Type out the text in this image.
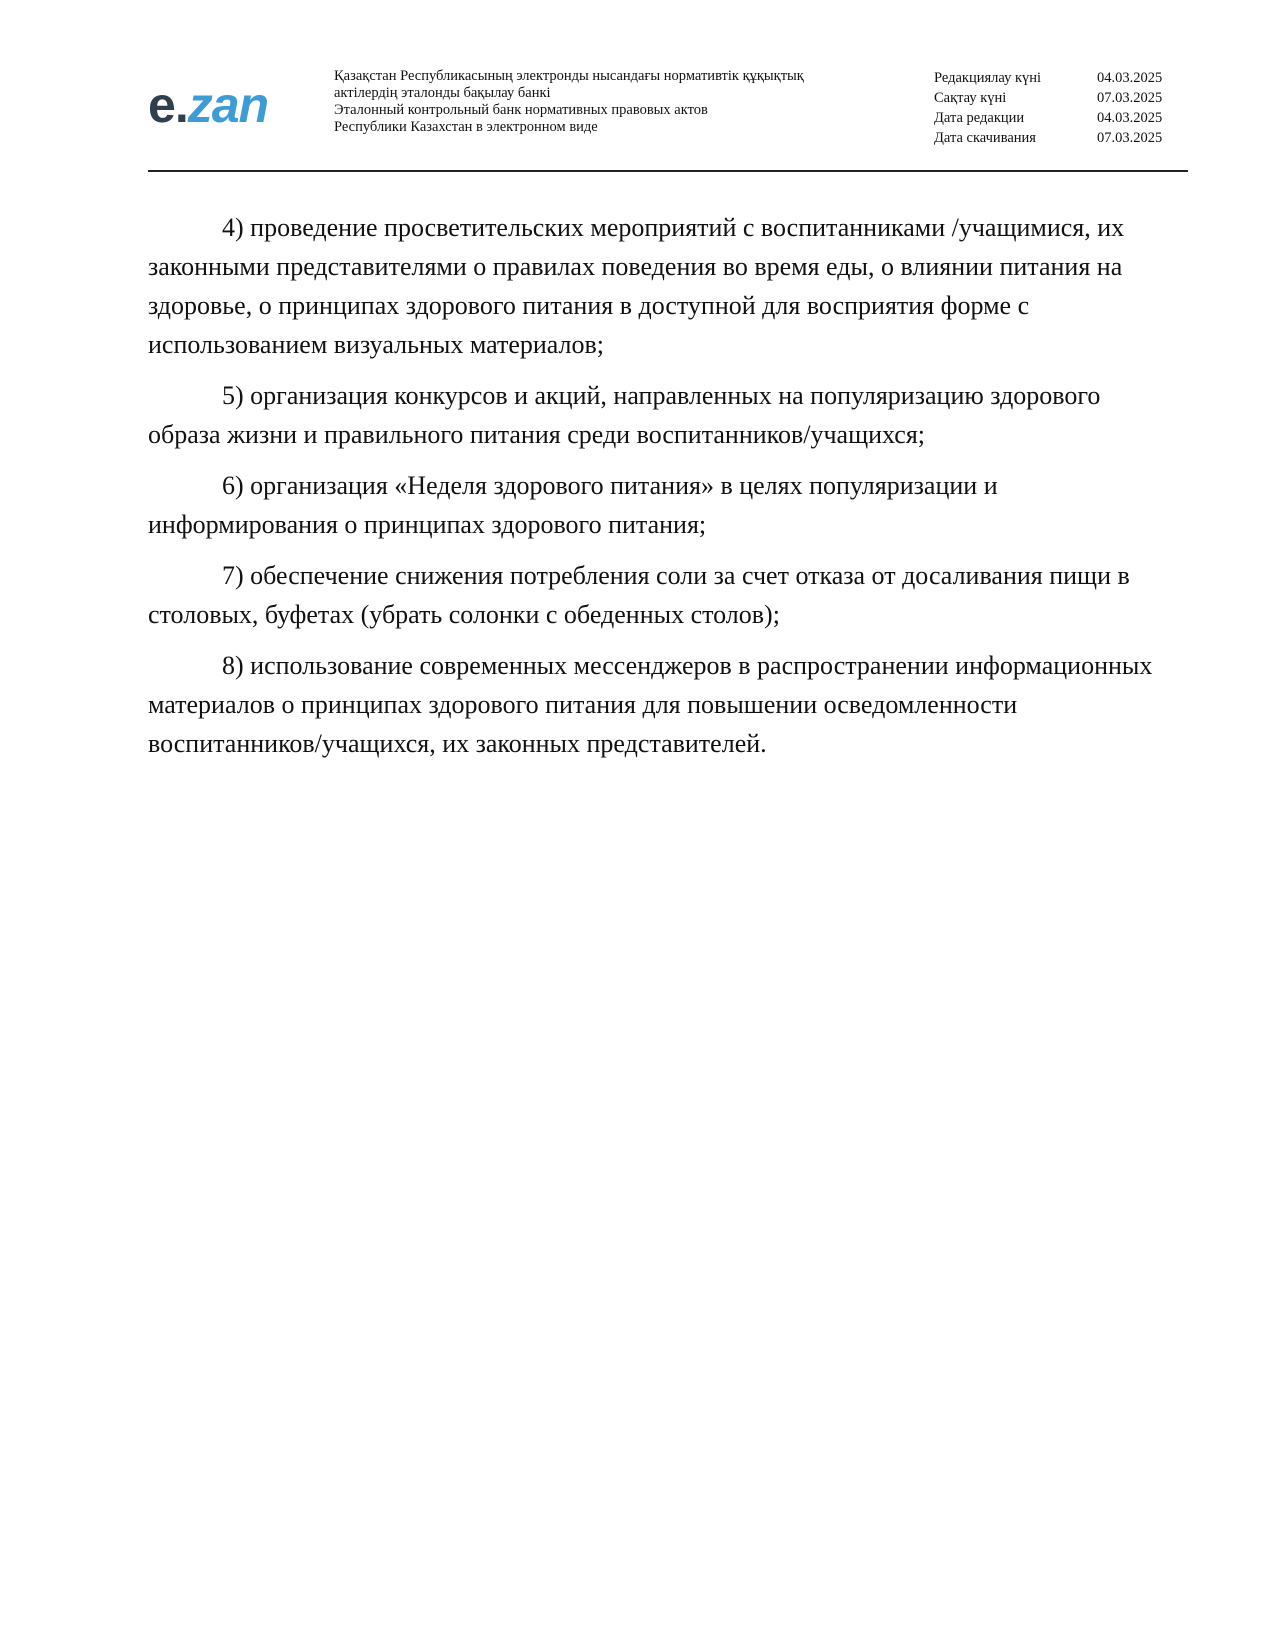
e.zan
Қазақстан Республикасының электронды нысандағы нормативтік құқықтық
актілердің эталонды бақылау банкі
Эталонный контрольный банк нормативных правовых актов
Республики Казахстан в электронном виде
Редакциялау күні	04.03.2025
Сақтау күні	07.03.2025
Дата редакции	04.03.2025
Дата скачивания	07.03.2025

4) проведение просветительских мероприятий с воспитанниками /учащимися, их законными представителями о правилах поведения во время еды, о влиянии питания на здоровье, о принципах здорового питания в доступной для восприятия форме с использованием визуальных материалов;

5) организация конкурсов и акций, направленных на популяризацию здорового образа жизни и правильного питания среди воспитанников/учащихся;

6) организация «Неделя здорового питания» в целях популяризации и информирования о принципах здорового питания;

7) обеспечение снижения потребления соли за счет отказа от досаливания пищи в столовых, буфетах (убрать солонки с обеденных столов);

8) использование современных мессенджеров в распространении информационных материалов о принципах здорового питания для повышении осведомленности воспитанников/учащихся, их законных представителей.
